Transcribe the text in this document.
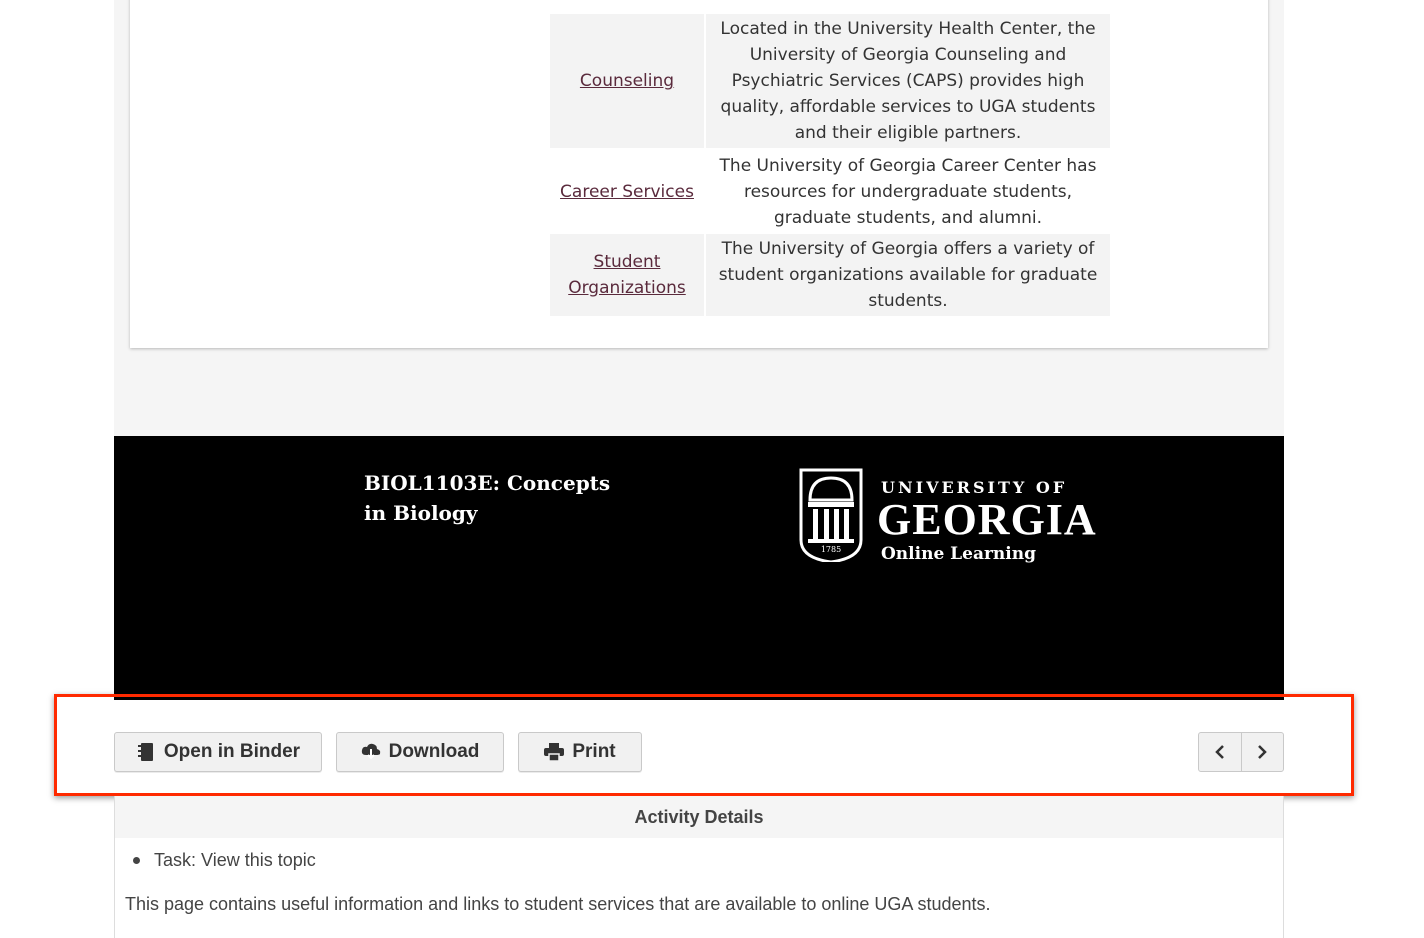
Counseling
Located in the University Health Center, the University of Georgia Counseling and Psychiatric Services (CAPS) provides high quality, affordable services to UGA students and their eligible partners.
Career Services
The University of Georgia Career Center has resources for undergraduate students, graduate students, and alumni.
Student Organizations
The University of Georgia offers a variety of student organizations available for graduate students.
BIOL1103E: Concepts in Biology
1785
UNIVERSITY OF
GEORGIA
Online Learning
Open in Binder	Download	Print
Activity Details
Task: View this topic
This page contains useful information and links to student services that are available to online UGA students.
